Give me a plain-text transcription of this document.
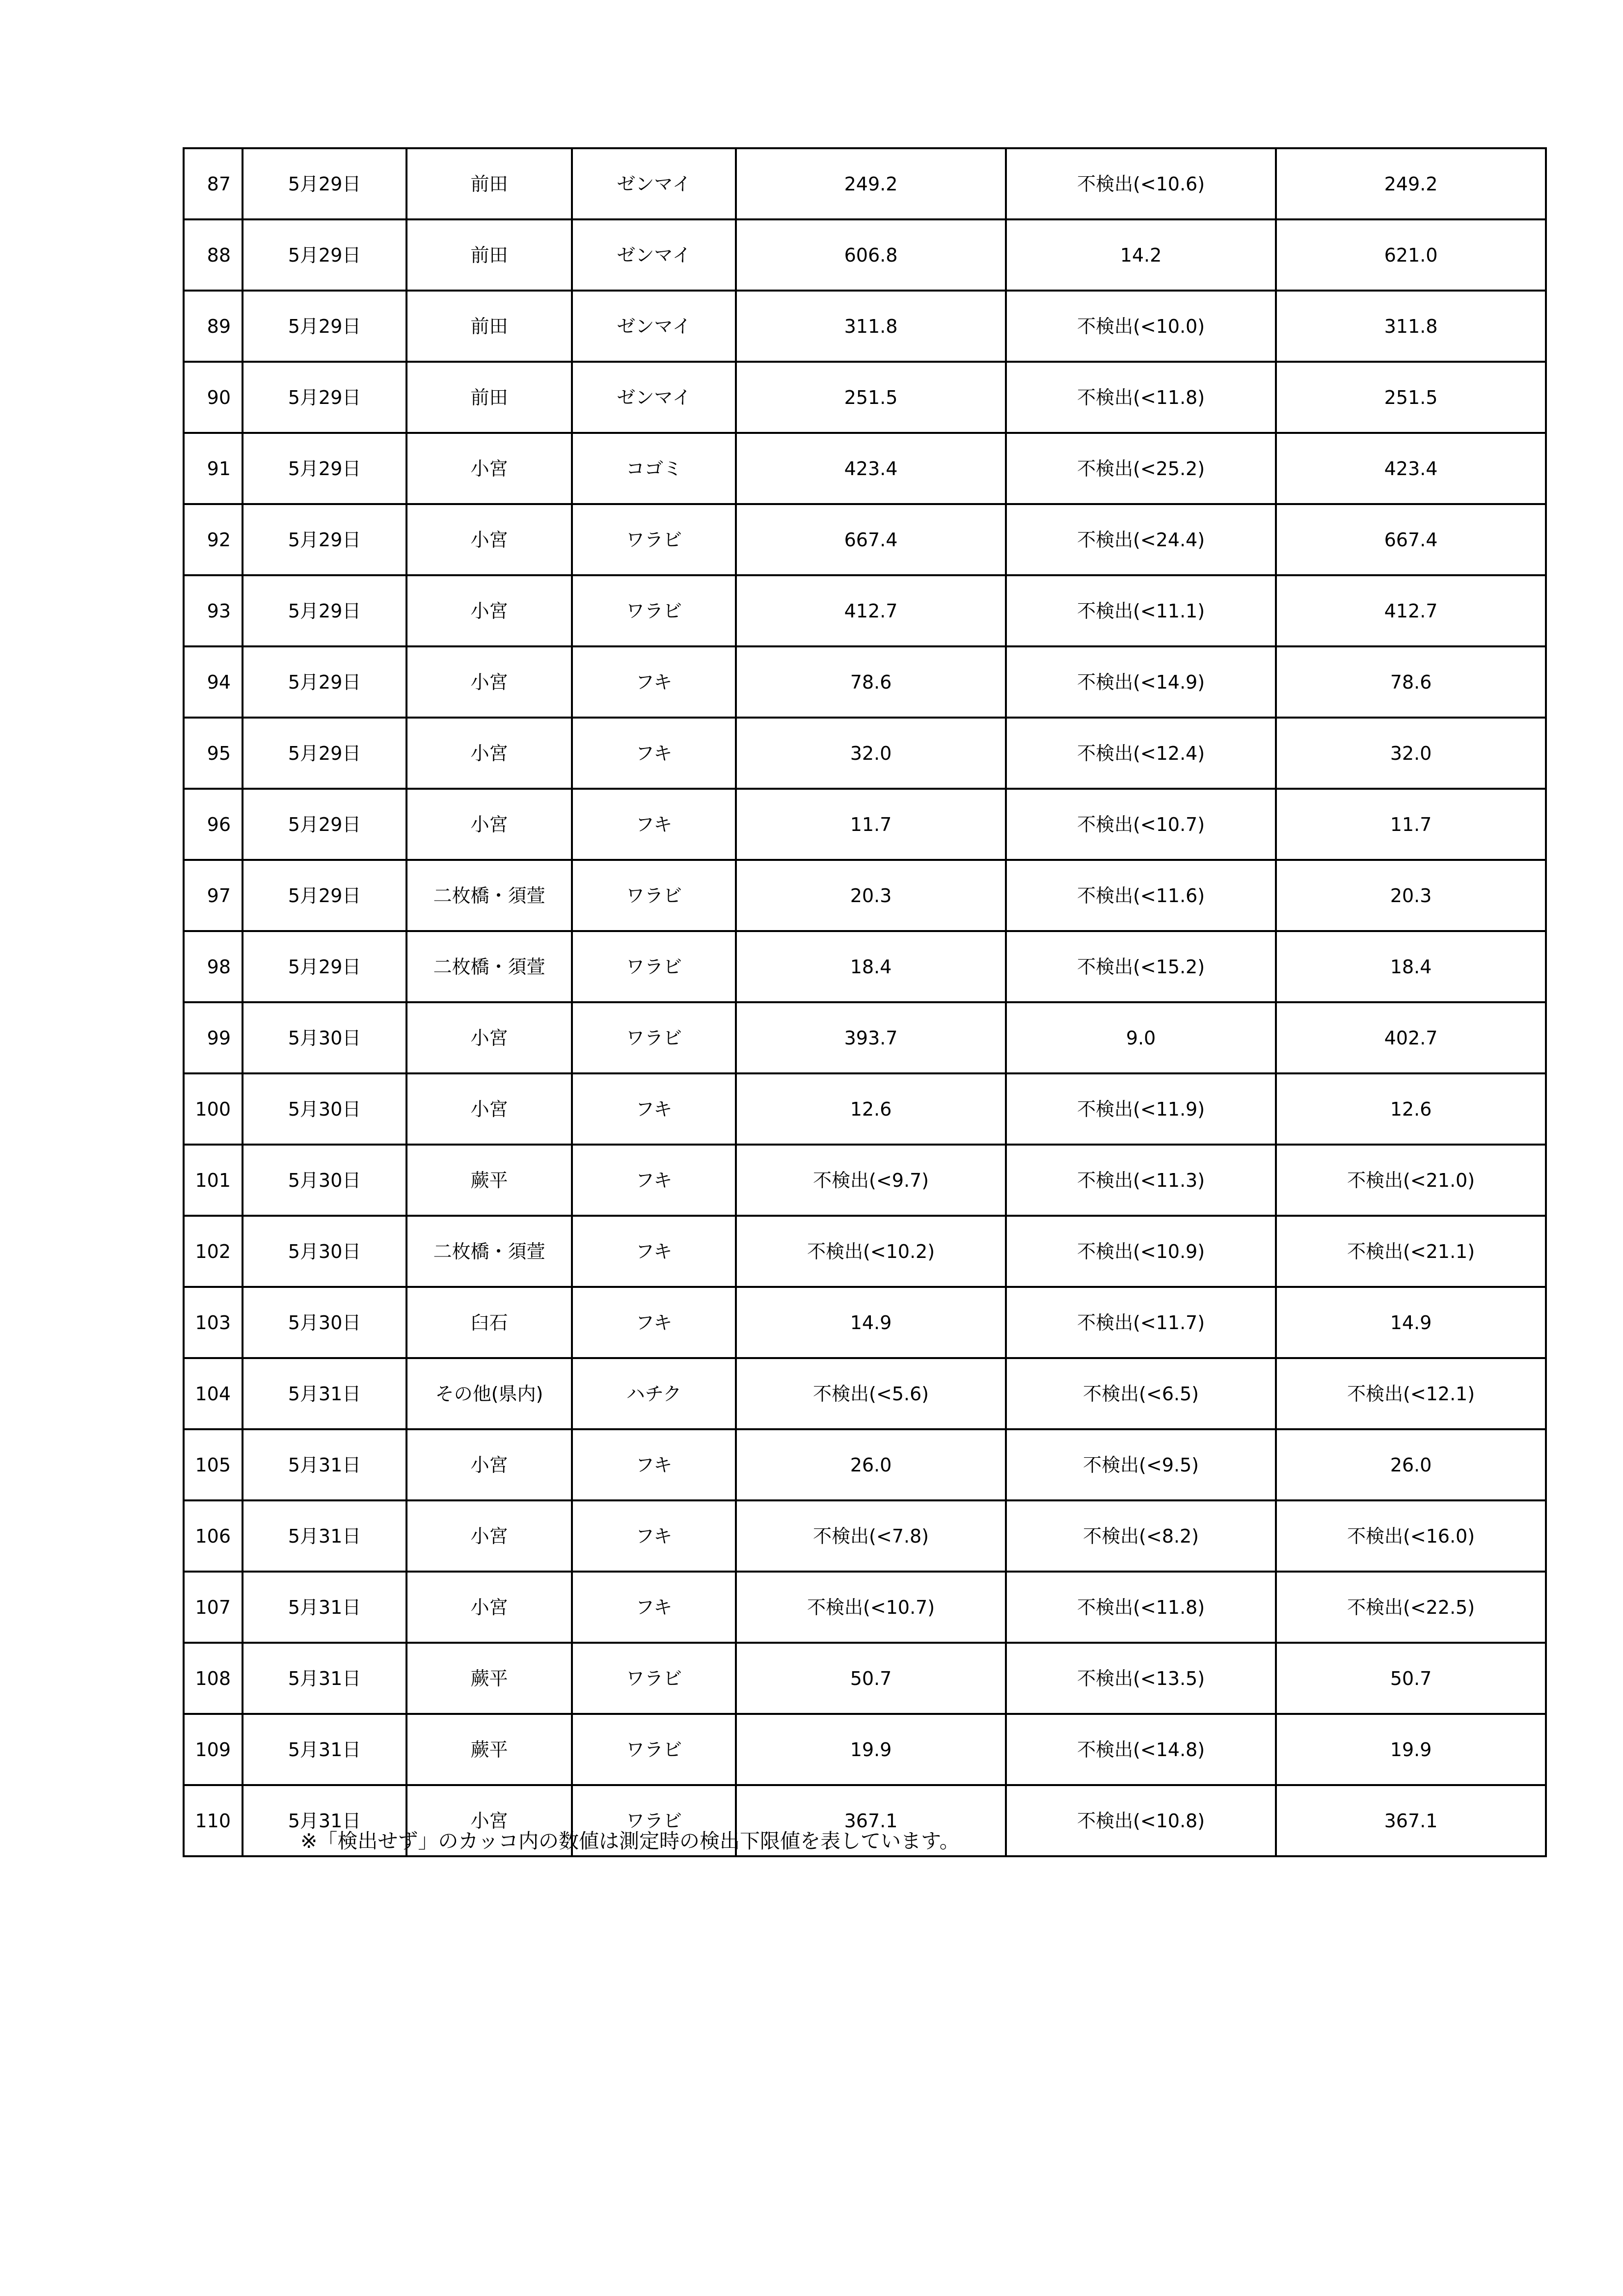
87	5月29日	前田	ゼンマイ	249.2	不検出(<10.6)	249.2
88	5月29日	前田	ゼンマイ	606.8	14.2	621.0
89	5月29日	前田	ゼンマイ	311.8	不検出(<10.0)	311.8
90	5月29日	前田	ゼンマイ	251.5	不検出(<11.8)	251.5
91	5月29日	小宮	コゴミ	423.4	不検出(<25.2)	423.4
92	5月29日	小宮	ワラビ	667.4	不検出(<24.4)	667.4
93	5月29日	小宮	ワラビ	412.7	不検出(<11.1)	412.7
94	5月29日	小宮	フキ	78.6	不検出(<14.9)	78.6
95	5月29日	小宮	フキ	32.0	不検出(<12.4)	32.0
96	5月29日	小宮	フキ	11.7	不検出(<10.7)	11.7
97	5月29日	二枚橋・須萱	ワラビ	20.3	不検出(<11.6)	20.3
98	5月29日	二枚橋・須萱	ワラビ	18.4	不検出(<15.2)	18.4
99	5月30日	小宮	ワラビ	393.7	9.0	402.7
100	5月30日	小宮	フキ	12.6	不検出(<11.9)	12.6
101	5月30日	蕨平	フキ	不検出(<9.7)	不検出(<11.3)	不検出(<21.0)
102	5月30日	二枚橋・須萱	フキ	不検出(<10.2)	不検出(<10.9)	不検出(<21.1)
103	5月30日	臼石	フキ	14.9	不検出(<11.7)	14.9
104	5月31日	その他(県内)	ハチク	不検出(<5.6)	不検出(<6.5)	不検出(<12.1)
105	5月31日	小宮	フキ	26.0	不検出(<9.5)	26.0
106	5月31日	小宮	フキ	不検出(<7.8)	不検出(<8.2)	不検出(<16.0)
107	5月31日	小宮	フキ	不検出(<10.7)	不検出(<11.8)	不検出(<22.5)
108	5月31日	蕨平	ワラビ	50.7	不検出(<13.5)	50.7
109	5月31日	蕨平	ワラビ	19.9	不検出(<14.8)	19.9
110	5月31日	小宮	ワラビ	367.1	不検出(<10.8)	367.1
※「検出せず」のカッコ内の数値は測定時の検出下限値を表しています。
